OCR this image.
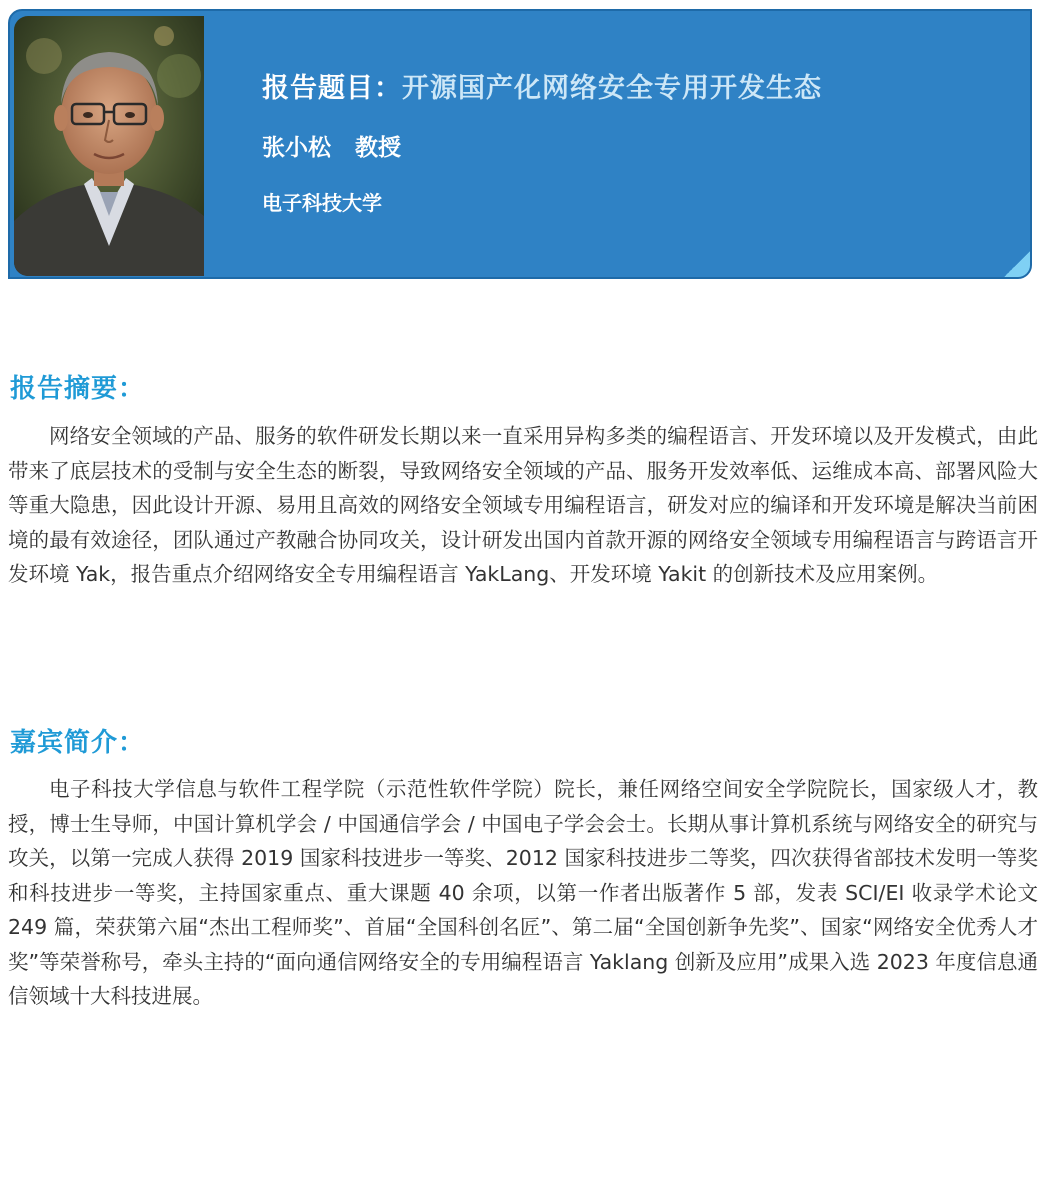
报告题目：开源国产化网络安全专用开发生态
张小松 教授
电子科技大学
报告摘要：

网络安全领域的产品、服务的软件研发长期以来一直采用异构多类的编程语言、开发环境以及开发模式，由此带来了底层技术的受制与安全生态的断裂，导致网络安全领域的产品、服务开发效率低、运维成本高、部署风险大等重大隐患，因此设计开源、易用且高效的网络安全领域专用编程语言，研发对应的编译和开发环境是解决当前困境的最有效途径，团队通过产教融合协同攻关，设计研发出国内首款开源的网络安全领域专用编程语言与跨语言开发环境 Yak，报告重点介绍网络安全专用编程语言 YakLang、开发环境 Yakit 的创新技术及应用案例。

嘉宾简介：

电子科技大学信息与软件工程学院（示范性软件学院）院长，兼任网络空间安全学院院长，国家级人才，教授，博士生导师，中国计算机学会 / 中国通信学会 / 中国电子学会会士。长期从事计算机系统与网络安全的研究与攻关，以第一完成人获得 2019 国家科技进步一等奖、2012 国家科技进步二等奖，四次获得省部技术发明一等奖和科技进步一等奖，主持国家重点、重大课题 40 余项，以第一作者出版著作 5 部，发表 SCI/EI 收录学术论文 249 篇，荣获第六届“杰出工程师奖”、首届“全国科创名匠”、第二届“全国创新争先奖”、国家“网络安全优秀人才奖”等荣誉称号，牵头主持的“面向通信网络安全的专用编程语言 Yaklang 创新及应用”成果入选 2023 年度信息通信领域十大科技进展。
